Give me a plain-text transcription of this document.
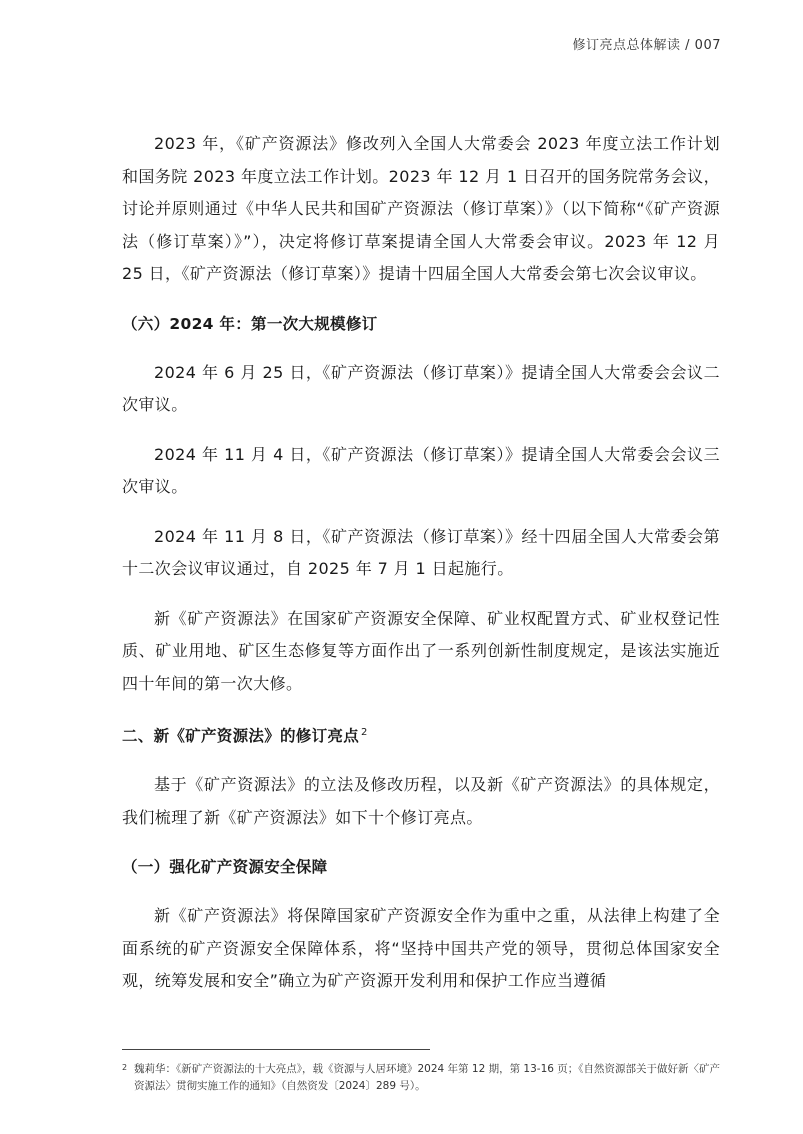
修订亮点总体解读 / 007

2023 年，《矿产资源法》修改列入全国人大常委会 2023 年度立法工作计划和国务院 2023 年度立法工作计划。2023 年 12 月 1 日召开的国务院常务会议，讨论并原则通过《中华人民共和国矿产资源法（修订草案）》（以下简称“《矿产资源法（修订草案）》”），决定将修订草案提请全国人大常委会审议。2023 年 12 月 25 日，《矿产资源法（修订草案）》提请十四届全国人大常委会第七次会议审议。

（六）2024 年：第一次大规模修订

2024 年 6 月 25 日，《矿产资源法（修订草案）》提请全国人大常委会会议二次审议。

2024 年 11 月 4 日，《矿产资源法（修订草案）》提请全国人大常委会会议三次审议。

2024 年 11 月 8 日，《矿产资源法（修订草案）》经十四届全国人大常委会第十二次会议审议通过，自 2025 年 7 月 1 日起施行。

新《矿产资源法》在国家矿产资源安全保障、矿业权配置方式、矿业权登记性质、矿业用地、矿区生态修复等方面作出了一系列创新性制度规定，是该法实施近四十年间的第一次大修。

二、新《矿产资源法》的修订亮点 $^2$

基于《矿产资源法》的立法及修改历程，以及新《矿产资源法》的具体规定，我们梳理了新《矿产资源法》如下十个修订亮点。

（一）强化矿产资源安全保障

新《矿产资源法》将保障国家矿产资源安全作为重中之重，从法律上构建了全面系统的矿产资源安全保障体系，将“坚持中国共产党的领导，贯彻总体国家安全观，统筹发展和安全”确立为矿产资源开发利用和保护工作应当遵循

2 魏莉华：《新矿产资源法的十大亮点》，载《资源与人居环境》2024 年第 12 期，第 13-16 页；《自然资源部关于做好新〈矿产资源法〉贯彻实施工作的通知》（自然资发〔2024〕289 号）。
